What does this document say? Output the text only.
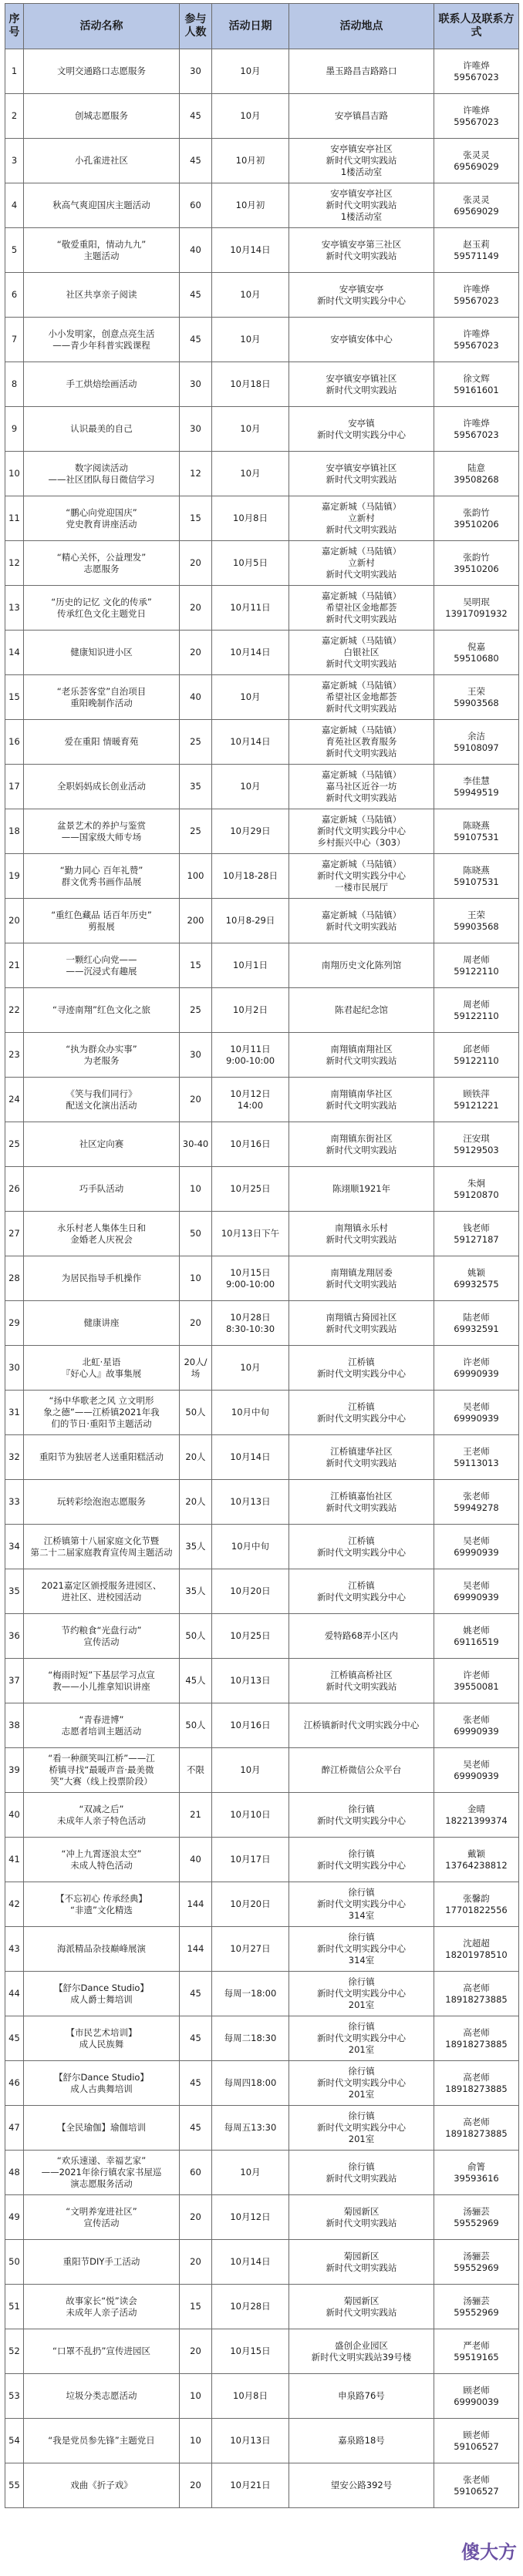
序号	活动名称	参与人数	活动日期	活动地点	联系人及联系方式
1	文明交通路口志愿服务	30	10月	墨玉路昌吉路路口	许唯烨
59567023
2	创城志愿服务	45	10月	安亭镇昌吉路	许唯烨
59567023
3	小孔雀进社区	45	10月初	安亭镇安亭社区
新时代文明实践站
1楼活动室	张灵灵
69569029
4	秋高气爽迎国庆主题活动	60	10月初	安亭镇安亭社区
新时代文明实践站
1楼活动室	张灵灵
69569029
5	“敬爱重阳，情动九九”
主题活动	40	10月14日	安亭镇安亭第三社区
新时代文明实践站	赵玉莉
59571149
6	社区共享亲子阅读	45	10月	安亭镇安亭
新时代文明实践分中心	许唯烨
59567023
7	小小发明家，创意点亮生活
——青少年科普实践课程	45	10月	安亭镇安体中心	许唯烨
59567023
8	手工烘焙绘画活动	30	10月18日	安亭镇安亭镇社区
新时代文明实践站	徐文辉
59161601
9	认识最美的自己	30	10月	安亭镇
新时代文明实践分中心	许唯烨
59567023
10	数字阅读活动
——社区团队每日微信学习	12	10月	安亭镇安亭镇社区
新时代文明实践站	陆意
39508268
11	“鹏心向党迎国庆”
党史教育讲座活动	15	10月8日	嘉定新城（马陆镇）
立新村
新时代文明实践站	张韵竹
39510206
12	“精心关怀，公益理发”
志愿服务	20	10月5日	嘉定新城（马陆镇）
立新村
新时代文明实践站	张韵竹
39510206
13	“历史的记忆 文化的传承”
传承红色文化主题党日	20	10月11日	嘉定新城（马陆镇）
希望社区金地都荟
新时代文明实践站	吴明珉
13917091932
14	健康知识进小区	20	10月14日	嘉定新城（马陆镇）
白银社区
新时代文明实践站	倪嘉
59510680
15	“老乐荟客堂”自治项目
重阳晚制作活动	40	10月	嘉定新城（马陆镇）
希望社区金地都荟
新时代文明实践站	王荣
59903568
16	爱在重阳 情暖育苑	25	10月14日	嘉定新城（马陆镇）
育苑社区教育服务
新时代文明实践站	余洁
59108097
17	全职妈妈成长创业活动	35	10月	嘉定新城（马陆镇）
嘉马社区近谷一坊
新时代文明实践站	李佳慧
59949519
18	盆景艺术的养护与鉴赏
——国家级大师专场	25	10月29日	嘉定新城（马陆镇）
新时代文明实践分中心
乡村振兴中心（303）	陈晓燕
59107531
19	“勤力同心 百年礼赞”
群文优秀书画作品展	100	10月18-28日	嘉定新城（马陆镇）
新时代文明实践分中心
一楼市民展厅	陈晓燕
59107531
20	“重红色藏品 话百年历史”
剪报展	200	10月8-29日	嘉定新城（马陆镇）
新时代文明实践站	王荣
59903568
21	一颗红心向党——
——沉浸式有趣展	15	10月1日	南翔历史文化陈列馆	周老师
59122110
22	“寻迹南翔”红色文化之旅	25	10月2日	陈君起纪念馆	周老师
59122110
23	“执为群众办实事”
为老服务	30	10月11日
9:00-10:00	南翔镇南翔社区
新时代文明实践站	邱老师
59122110
24	《笑与我们同行》
配送文化演出活动	20	10月12日
14:00	南翔镇南华社区
新时代文明实践站	顾铁萍
59121221
25	社区定向赛	30-40	10月16日	南翔镇东街社区
新时代文明实践站	汪安琪
59129503
26	巧手队活动	10	10月25日	陈翊顺1921年	朱炯
59120870
27	永乐村老人集体生日和
金婚老人庆祝会	50	10月13日下午	南翔镇永乐村
新时代文明实践站	钱老师
59127187
28	为居民指导手机操作	10	10月15日
9:00-10:00	南翔镇龙翔居委
新时代文明实践站	姚颖
69932575
29	健康讲座	20	10月28日
8:30-10:30	南翔镇古猗园社区
新时代文明实践站	陆老师
69932591
30	北虹·星语
『好心人』故事集展	20人/场	10月	江桥镇
新时代文明实践分中心	许老师
69990939
31	“扬中华歌老之风 立文明形
象之德”——江桥镇2021年我
们的节日·重阳节主题活动	50人	10月中旬	江桥镇
新时代文明实践分中心	吴老师
69990939
32	重阳节为独居老人送重阳糕活动	20人	10月14日	江桥镇建华社区
新时代文明实践站	王老师
59113013
33	玩转彩绘泡泡志愿服务	20人	10月13日	江桥镇嘉怡社区
新时代文明实践站	张老师
59949278
34	江桥镇第十八届家庭文化节暨
第二十二届家庭教育宣传周主题活动	35人	10月中旬	江桥镇
新时代文明实践分中心	吴老师
69990939
35	2021嘉定区颁授服务进园区、
进社区、进校园活动	35人	10月20日	江桥镇
新时代文明实践分中心	吴老师
69990939
36	节约粮食“光盘行动”
宣传活动	50人	10月25日	爱特路68弄小区内	姚老师
69116519
37	“梅雨时短”下基层学习点宣
教——小儿推拿知识讲座	45人	10月13日	江桥镇高桥社区
新时代文明实践站	许老师
39550081
38	“青春进博”
志愿者培训主题活动	50人	10月16日	江桥镇新时代文明实践分中心	张老师
69990939
39	“看一种颜笑叫江桥”——江
桥镇寻找“最暖声音·最美微
笑”大赛（线上投票阶段）	不限	10月	醉江桥微信公众平台	吴老师
69990939
40	“双减之后”
未成年人亲子特色活动	21	10月10日	徐行镇
新时代文明实践分中心	金晴
18221399374
41	“冲上九霄逐浪太空”
未成人特色活动	40	10月17日	徐行镇
新时代文明实践分中心	戴颖
13764238812
42	【不忘初心 传承经典】
“非遗”文化精选	144	10月20日	徐行镇
新时代文明实践分中心
314室	张馨韵
17701822556
43	海派精品杂技巅峰展演	144	10月27日	徐行镇
新时代文明实践分中心
314室	沈超超
18201978510
44	【舒尔Dance Studio】
成人爵士舞培训	45	每周一18:00	徐行镇
新时代文明实践分中心
201室	高老师
18918273885
45	【市民艺术培训】
成人民族舞	45	每周二18:30	徐行镇
新时代文明实践分中心
201室	高老师
18918273885
46	【舒尔Dance Studio】
成人古典舞培训	45	每周四18:00	徐行镇
新时代文明实践分中心
201室	高老师
18918273885
47	【全民瑜伽】瑜伽培训	45	每周五13:30	徐行镇
新时代文明实践分中心
201室	高老师
18918273885
48	“欢乐速递、幸福艺家”
——2021年徐行镇农家书屋巡
演志愿服务活动	60	10月	徐行镇
新时代文明实践站	俞箐
39593616
49	“文明养宠进社区”
宣传活动	20	10月12日	菊园新区
新时代文明实践站	汤骊芸
59552969
50	重阳节DIY手工活动	20	10月14日	菊园新区
新时代文明实践站	汤骊芸
59552969
51	故事家长“悦”读会
未成年人亲子活动	15	10月28日	菊园新区
新时代文明实践站	汤骊芸
59552969
52	“口罩不乱扔”宣传进园区	20	10月15日	盛创企业园区
新时代文明实践站39号楼	严老师
59519165
53	垃圾分类志愿活动	10	10月8日	申泉路76号	顾老师
69990039
54	“我是党员参先锋”主题党日	10	10月13日	嘉泉路18号	顾老师
59106527
55	戏曲《折子戏》	20	10月21日	望安公路392号	张老师
59106527
傻大方
